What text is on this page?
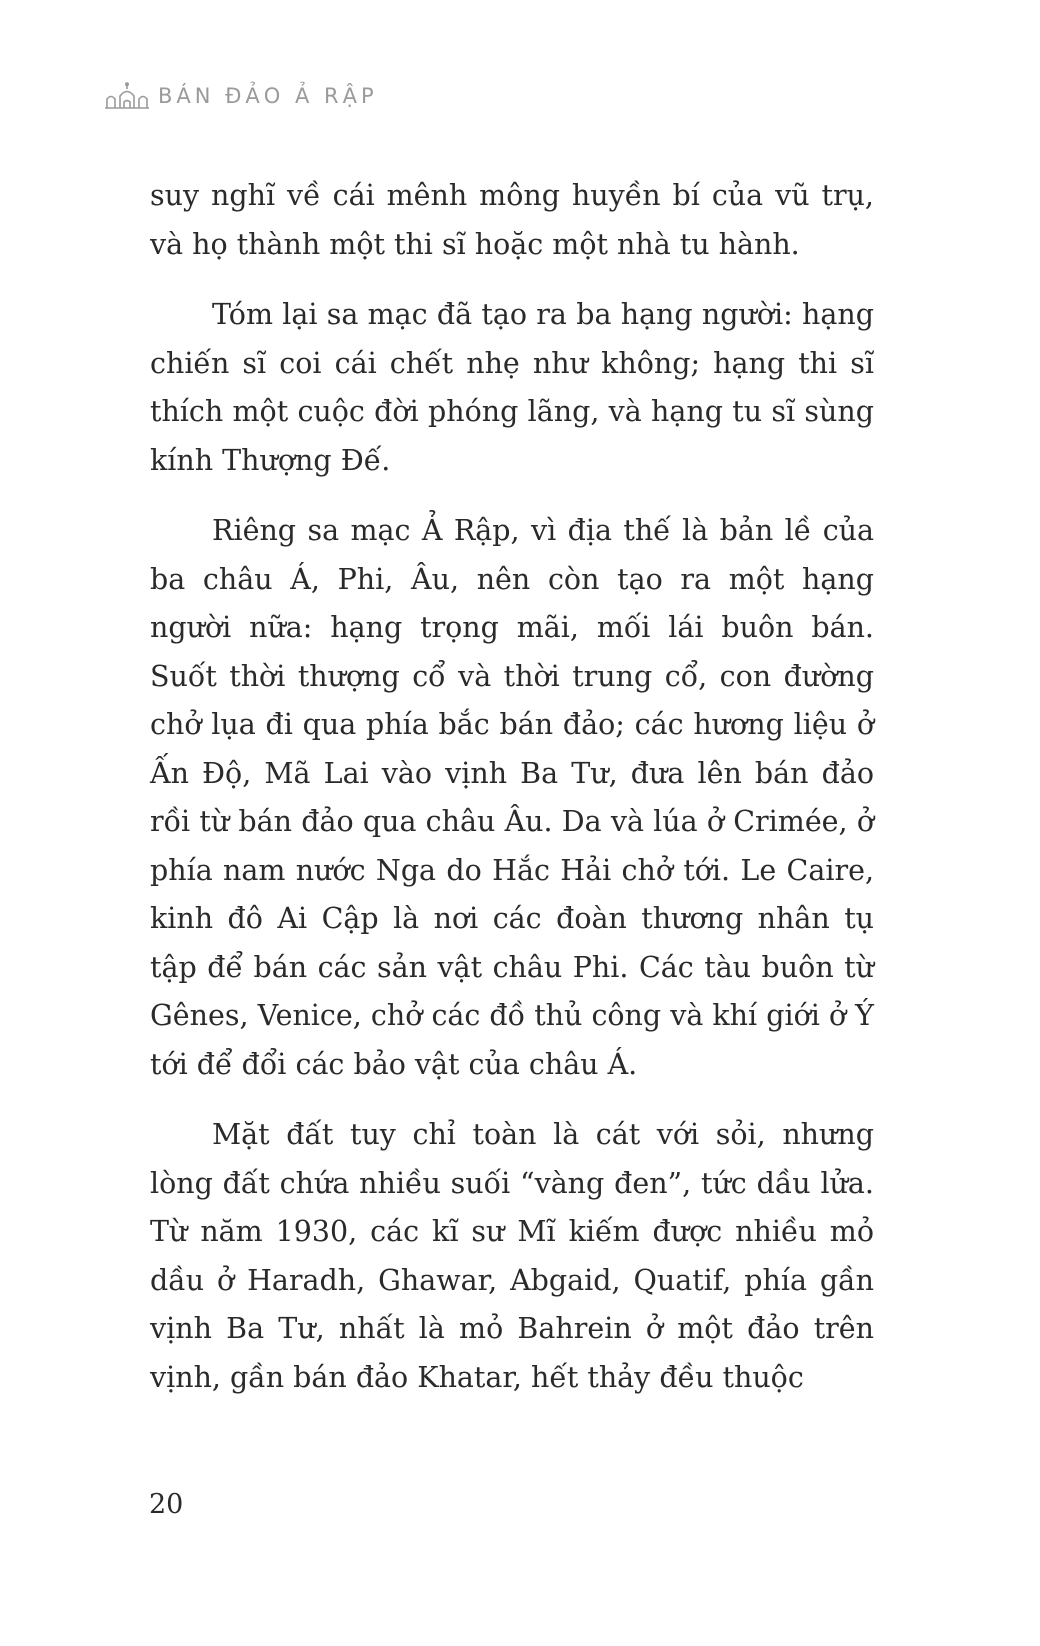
BÁN ĐẢO Ả RẬP

suy nghĩ về cái mênh mông huyền bí của vũ trụ, và họ thành một thi sĩ hoặc một nhà tu hành.

Tóm lại sa mạc đã tạo ra ba hạng người: hạng chiến sĩ coi cái chết nhẹ như không; hạng thi sĩ thích một cuộc đời phóng lãng, và hạng tu sĩ sùng kính Thượng Đế.

Riêng sa mạc Ả Rập, vì địa thế là bản lề của ba châu Á, Phi, Âu, nên còn tạo ra một hạng người nữa: hạng trọng mãi, mối lái buôn bán. Suốt thời thượng cổ và thời trung cổ, con đường chở lụa đi qua phía bắc bán đảo; các hương liệu ở Ấn Độ, Mã Lai vào vịnh Ba Tư, đưa lên bán đảo rồi từ bán đảo qua châu Âu. Da và lúa ở Crimée, ở phía nam nước Nga do Hắc Hải chở tới. Le Caire, kinh đô Ai Cập là nơi các đoàn thương nhân tụ tập để bán các sản vật châu Phi. Các tàu buôn từ Gênes, Venice, chở các đồ thủ công và khí giới ở Ý tới để đổi các bảo vật của châu Á.

Mặt đất tuy chỉ toàn là cát với sỏi, nhưng lòng đất chứa nhiều suối “vàng đen”, tức dầu lửa. Từ năm 1930, các kĩ sư Mĩ kiếm được nhiều mỏ dầu ở Haradh, Ghawar, Abgaid, Quatif, phía gần vịnh Ba Tư, nhất là mỏ Bahrein ở một đảo trên vịnh, gần bán đảo Khatar, hết thảy đều thuộc

20
